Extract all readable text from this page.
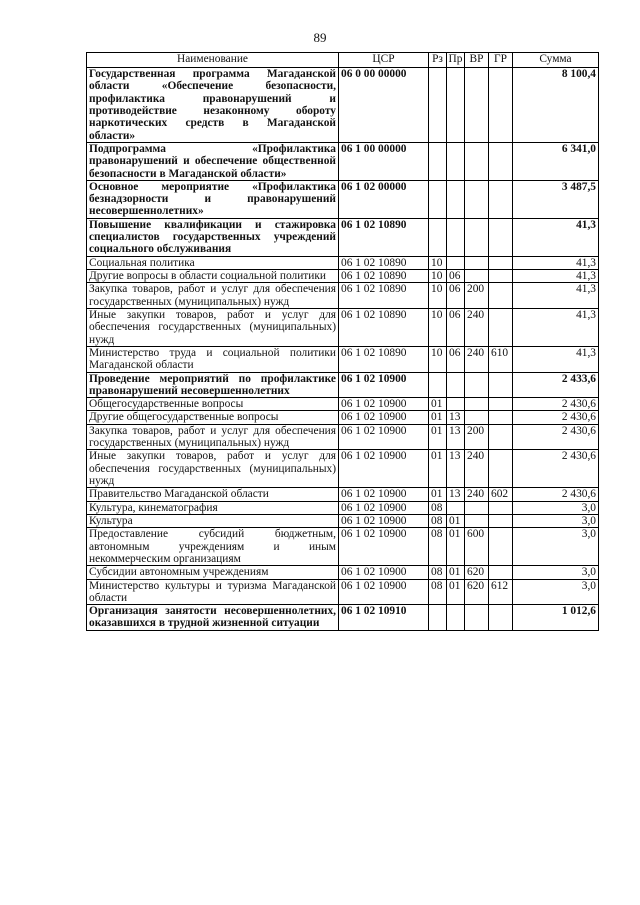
89
Наименование	ЦСР	Рз	Пр	ВР	ГР	Сумма
Государственная программа Магаданской области «Обеспечение безопасности, профилактика правонарушений и противодействие незаконному обороту наркотических средств в Магаданской области»	06 0 00 00000					8 100,4
Подпрограмма «Профилактика правонарушений и обеспечение общественной безопасности в Магаданской области»	06 1 00 00000					6 341,0
Основное мероприятие «Профилактика безнадзорности и правонарушений несовершеннолетних»	06 1 02 00000					3 487,5
Повышение квалификации и стажировка специалистов государственных учреждений социального обслуживания	06 1 02 10890					41,3
Социальная политика	06 1 02 10890	10				41,3
Другие вопросы в области социальной политики	06 1 02 10890	10	06			41,3
Закупка товаров, работ и услуг для обеспечения государственных (муниципальных) нужд	06 1 02 10890	10	06	200		41,3
Иные закупки товаров, работ и услуг для обеспечения государственных (муниципальных) нужд	06 1 02 10890	10	06	240		41,3
Министерство труда и социальной политики Магаданской области	06 1 02 10890	10	06	240	610	41,3
Проведение мероприятий по профилактике правонарушений несовершеннолетних	06 1 02 10900					2 433,6
Общегосударственные вопросы	06 1 02 10900	01				2 430,6
Другие общегосударственные вопросы	06 1 02 10900	01	13			2 430,6
Закупка товаров, работ и услуг для обеспечения государственных (муниципальных) нужд	06 1 02 10900	01	13	200		2 430,6
Иные закупки товаров, работ и услуг для обеспечения государственных (муниципальных) нужд	06 1 02 10900	01	13	240		2 430,6
Правительство Магаданской области	06 1 02 10900	01	13	240	602	2 430,6
Культура, кинематография	06 1 02 10900	08				3,0
Культура	06 1 02 10900	08	01			3,0
Предоставление субсидий бюджетным, автономным учреждениям и иным некоммерческим организациям	06 1 02 10900	08	01	600		3,0
Субсидии автономным учреждениям	06 1 02 10900	08	01	620		3,0
Министерство культуры и туризма Магаданской области	06 1 02 10900	08	01	620	612	3,0
Организация занятости несовершеннолетних, оказавшихся в трудной жизненной ситуации	06 1 02 10910					1 012,6
